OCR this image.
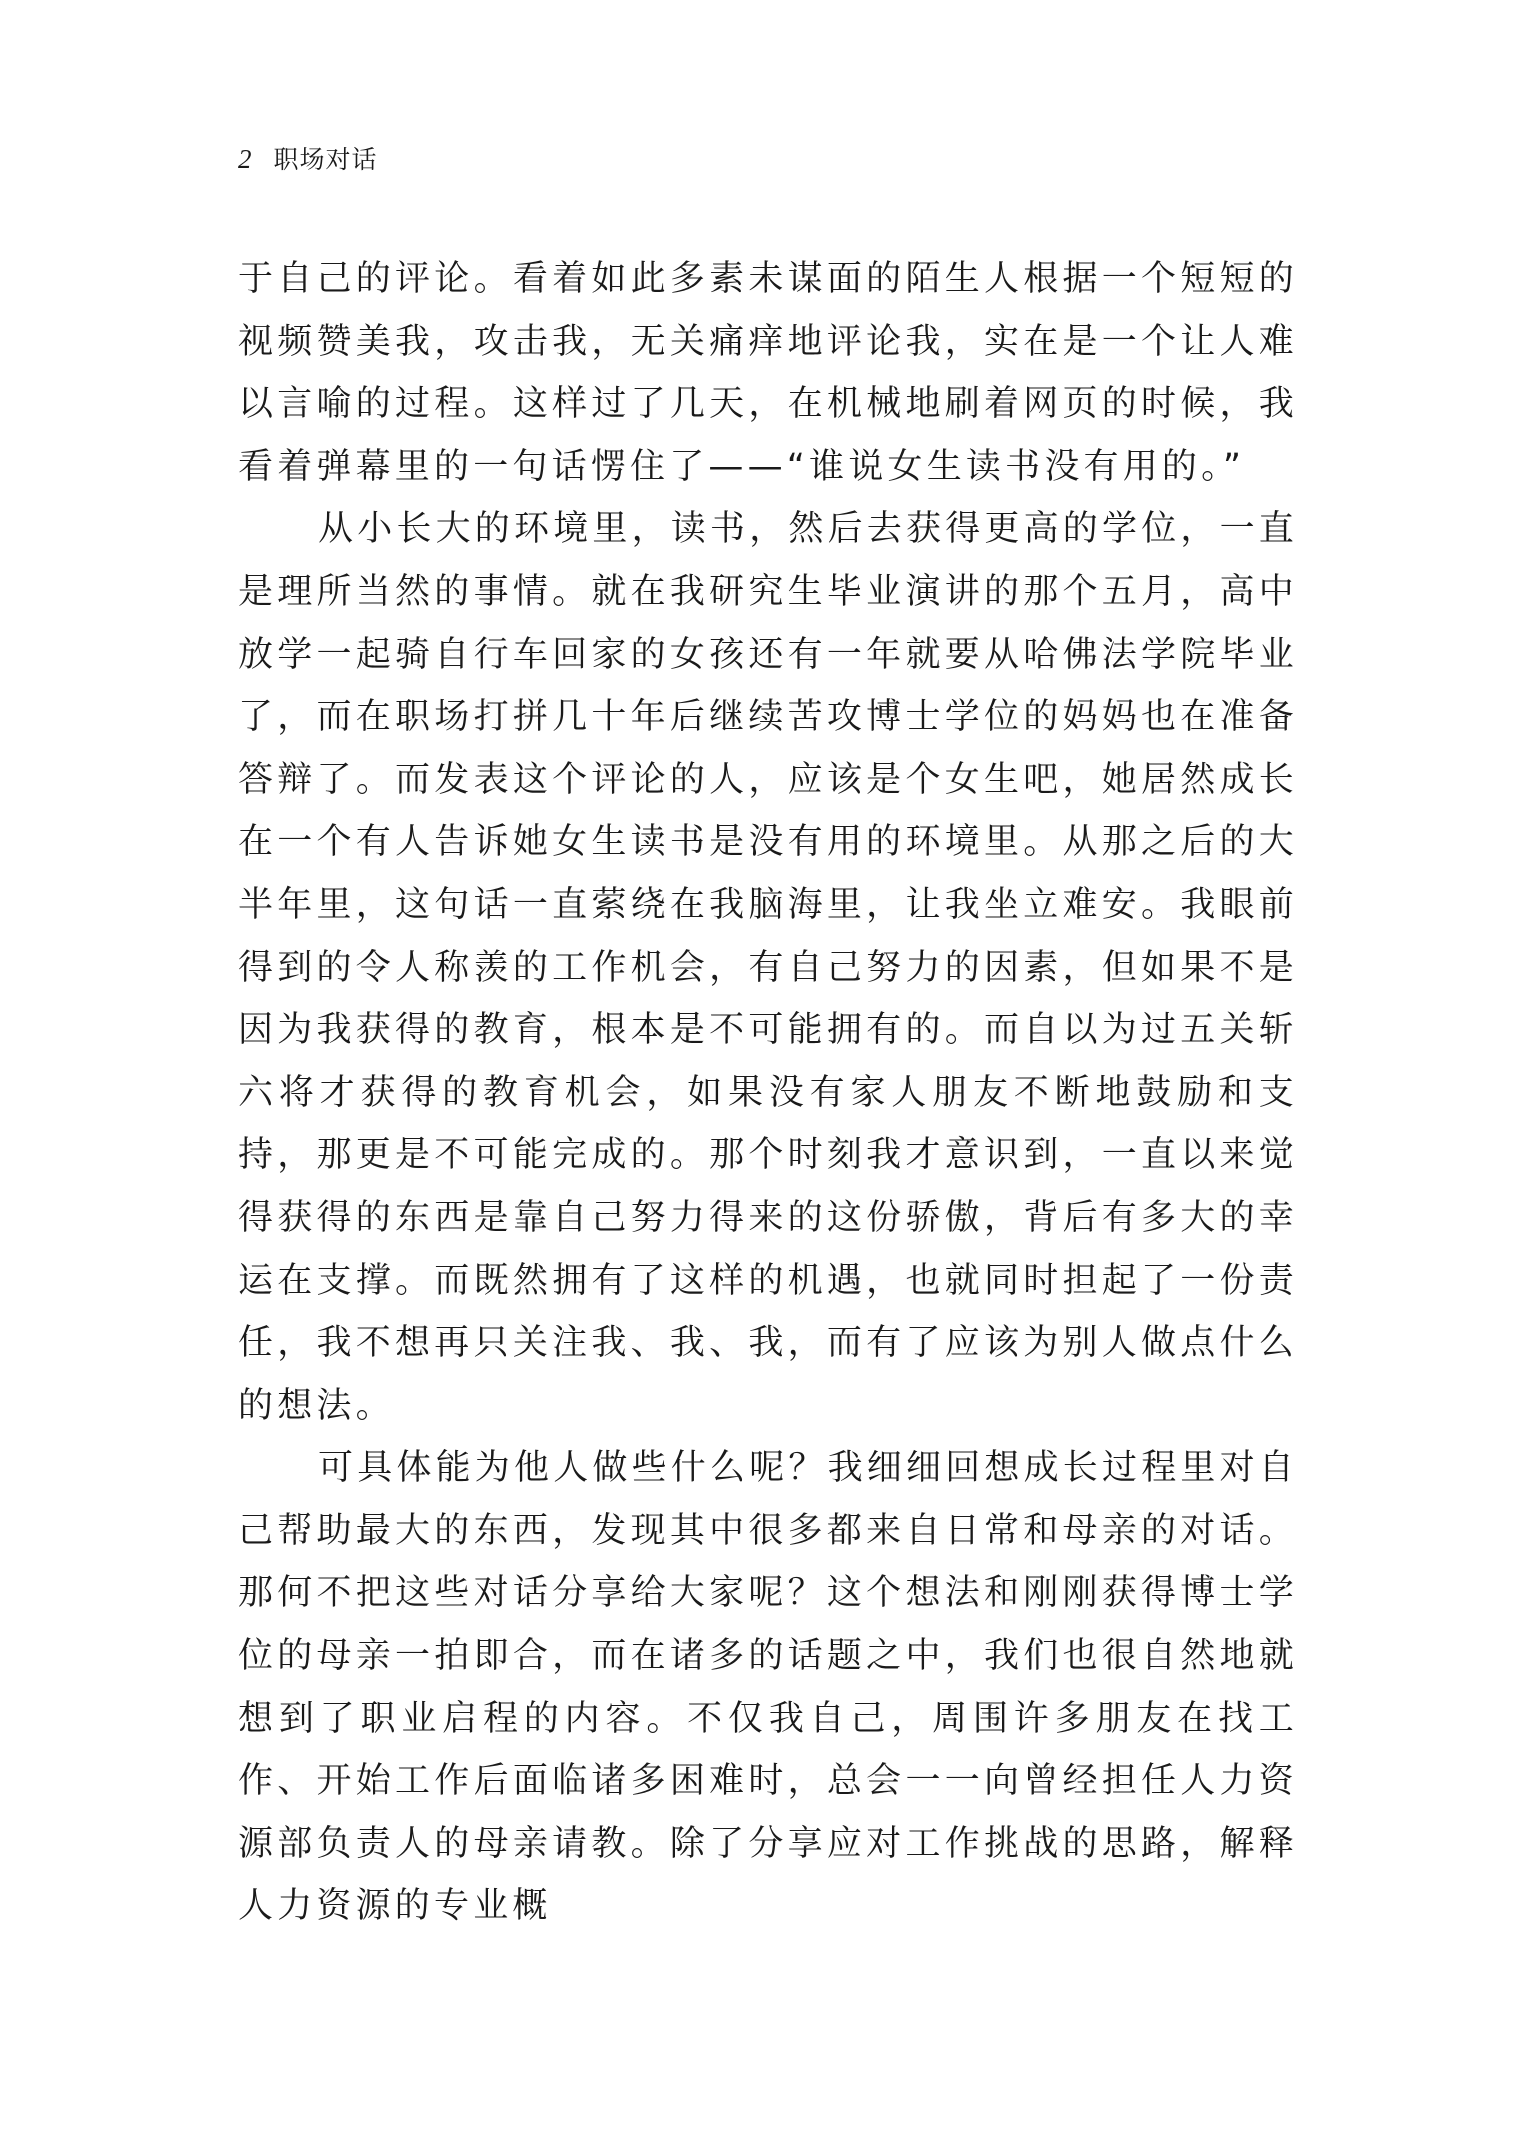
2 职场对话

于自己的评论。看着如此多素未谋面的陌生人根据一个短短的视频赞美我，攻击我，无关痛痒地评论我，实在是一个让人难以言喻的过程。这样过了几天，在机械地刷着网页的时候，我看着弹幕里的一句话愣住了——“谁说女生读书没有用的。”

从小长大的环境里，读书，然后去获得更高的学位，一直是理所当然的事情。就在我研究生毕业演讲的那个五月，高中放学一起骑自行车回家的女孩还有一年就要从哈佛法学院毕业了，而在职场打拼几十年后继续苦攻博士学位的妈妈也在准备答辩了。而发表这个评论的人，应该是个女生吧，她居然成长在一个有人告诉她女生读书是没有用的环境里。从那之后的大半年里，这句话一直萦绕在我脑海里，让我坐立难安。我眼前得到的令人称羡的工作机会，有自己努力的因素，但如果不是因为我获得的教育，根本是不可能拥有的。而自以为过五关斩六将才获得的教育机会，如果没有家人朋友不断地鼓励和支持，那更是不可能完成的。那个时刻我才意识到，一直以来觉得获得的东西是靠自己努力得来的这份骄傲，背后有多大的幸运在支撑。而既然拥有了这样的机遇，也就同时担起了一份责任，我不想再只关注我、我、我，而有了应该为别人做点什么的想法。

可具体能为他人做些什么呢？我细细回想成长过程里对自己帮助最大的东西，发现其中很多都来自日常和母亲的对话。那何不把这些对话分享给大家呢？这个想法和刚刚获得博士学位的母亲一拍即合，而在诸多的话题之中，我们也很自然地就想到了职业启程的内容。不仅我自己，周围许多朋友在找工作、开始工作后面临诸多困难时，总会一一向曾经担任人力资源部负责人的母亲请教。除了分享应对工作挑战的思路，解释人力资源的专业概
